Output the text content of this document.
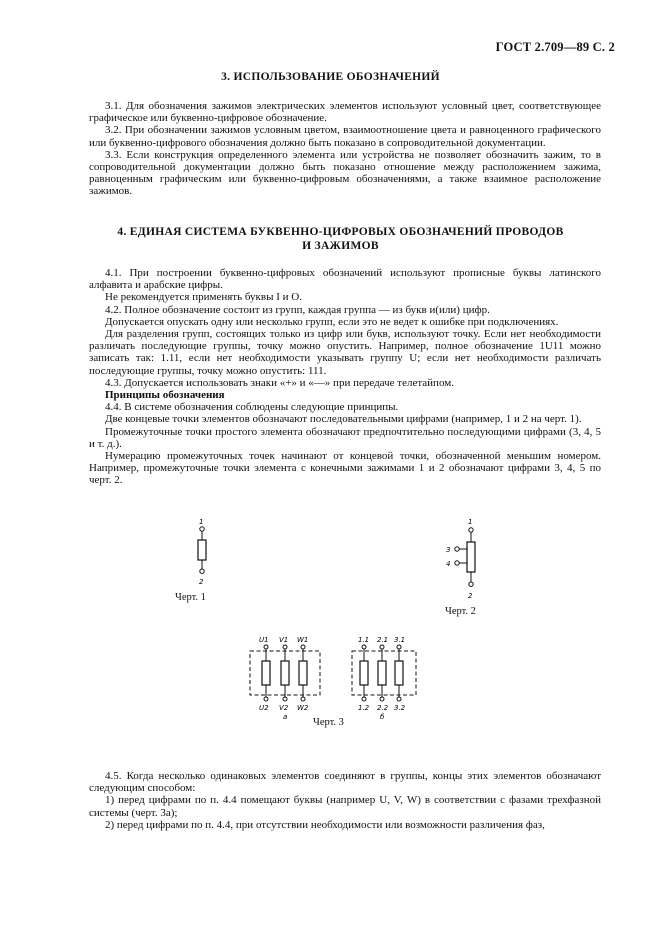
ГОСТ 2.709—89 С. 2
3. ИСПОЛЬЗОВАНИЕ ОБОЗНАЧЕНИЙ

3.1. Для обозначения зажимов электрических элементов используют условный цвет, соответствующее графическое или буквенно-цифровое обозначение.

3.2. При обозначении зажимов условным цветом, взаимоотношение цвета и равноценного графического или буквенно-цифрового обозначения должно быть показано в сопроводительной документации.

3.3. Если конструкция определенного элемента или устройства не позволяет обозначить зажим, то в сопроводительной документации должно быть показано отношение между расположением зажима, равноценным графическим или буквенно-цифровым обозначениями, а также взаимное расположение зажимов.

4. ЕДИНАЯ СИСТЕМА БУКВЕННО-ЦИФРОВЫХ ОБОЗНАЧЕНИЙ ПРОВОДОВ
И ЗАЖИМОВ

4.1. При построении буквенно-цифровых обозначений используют прописные буквы латинского алфавита и арабские цифры.

Не рекомендуется применять буквы I и O.

4.2. Полное обозначение состоит из групп, каждая группа — из букв и(или) цифр.

Допускается опускать одну или несколько групп, если это не ведет к ошибке при подключениях.

Для разделения групп, состоящих только из цифр или букв, используют точку. Если нет необходимости различать последующие группы, точку можно опустить. Например, полное обозначение 1U11 можно записать так: 1.11, если нет необходимости указывать группу U; если нет необходимости различать последующие группы, точку можно опустить: 111.

4.3. Допускается использовать знаки «+» и «—» при передаче телетайпом.

Принципы обозначения

4.4. В системе обозначения соблюдены следующие принципы.

Две концевые точки элементов обозначают последовательными цифрами (например, 1 и 2 на черт. 1).

Промежуточные точки простого элемента обозначают предпочтительно последующими цифрами (3, 4, 5 и т. д.).

Нумерацию промежуточных точек начинают от концевой точки, обозначенной меньшим номером. Например, промежуточные точки элемента с конечными зажимами 1 и 2 обозначают цифрами 3, 4, 5 по черт. 2.

1
2
Черт. 1
1
2
3
4
Черт. 2
U1 V1 W1
U2 V2 W2
а
1.1 2.1 3.1
1.2 2.2 3.2
б
Черт. 3

4.5. Когда несколько одинаковых элементов соединяют в группы, концы этих элементов обозначают следующим способом:

1) перед цифрами по п. 4.4 помещают буквы (например U, V, W) в соответствии с фазами трехфазной системы (черт. 3а);

2) перед цифрами по п. 4.4, при отсутствии необходимости или возможности различения фаз,
